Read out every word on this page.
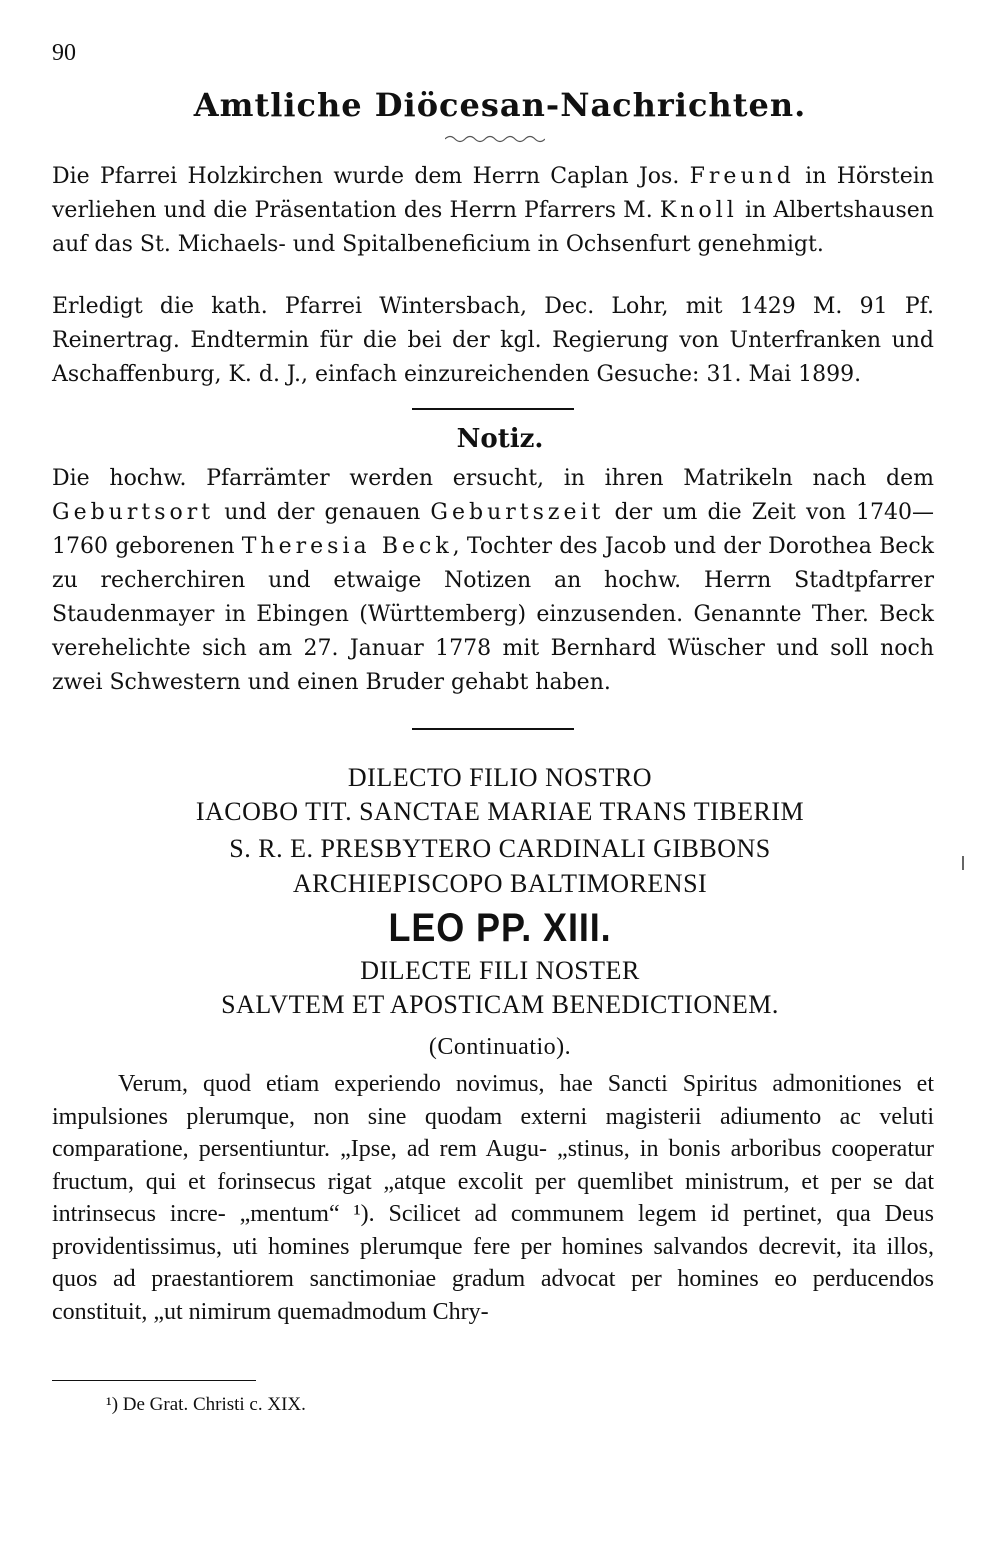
90
Amtliche Diöcesan-Nachrichten.

Die Pfarrei Holzkirchen wurde dem Herrn Caplan Jos. Freund in Hörstein verliehen und die Präsentation des Herrn Pfarrers M. Knoll in Albertshausen auf das St. Michaels- und Spitalbeneficium in Ochsenfurt genehmigt.

Erledigt die kath. Pfarrei Wintersbach, Dec. Lohr, mit 1429 M. 91 Pf. Reinertrag. Endtermin für die bei der kgl. Regierung von Unterfranken und Aschaffenburg, K. d. J., einfach einzureichenden Gesuche: 31. Mai 1899.

Notiz.

Die hochw. Pfarrämter werden ersucht, in ihren Matrikeln nach dem Geburtsort und der genauen Geburtszeit der um die Zeit von 1740—1760 geborenen Theresia Beck, Tochter des Jacob und der Dorothea Beck zu recherchiren und etwaige Notizen an hochw. Herrn Stadtpfarrer Staudenmayer in Ebingen (Württemberg) einzusenden. Genannte Ther. Beck verehelichte sich am 27. Januar 1778 mit Bernhard Wüscher und soll noch zwei Schwestern und einen Bruder gehabt haben.

DILECTO FILIO NOSTRO
IACOBO TIT. SANCTAE MARIAE TRANS TIBERIM
S. R. E. PRESBYTERO CARDINALI GIBBONS
ARCHIEPISCOPO BALTIMORENSI
LEO PP. XIII.
DILECTE FILI NOSTER
SALVTEM ET APOSTICAM BENEDICTIONEM.
(Continuatio).

Verum, quod etiam experiendo novimus, hae Sancti Spiritus admonitiones et impulsiones plerumque, non sine quodam externi magisterii adiumento ac veluti comparatione, persentiuntur. „Ipse, ad rem Augu- „stinus, in bonis arboribus cooperatur fructum, qui et forinsecus rigat „atque excolit per quemlibet ministrum, et per se dat intrinsecus incre- „mentum“ ¹). Scilicet ad communem legem id pertinet, qua Deus providentissimus, uti homines plerumque fere per homines salvandos decrevit, ita illos, quos ad praestantiorem sanctimoniae gradum advocat per homines eo perducendos constituit, „ut nimirum quemadmodum Chry-

¹) De Grat. Christi c. XIX.
